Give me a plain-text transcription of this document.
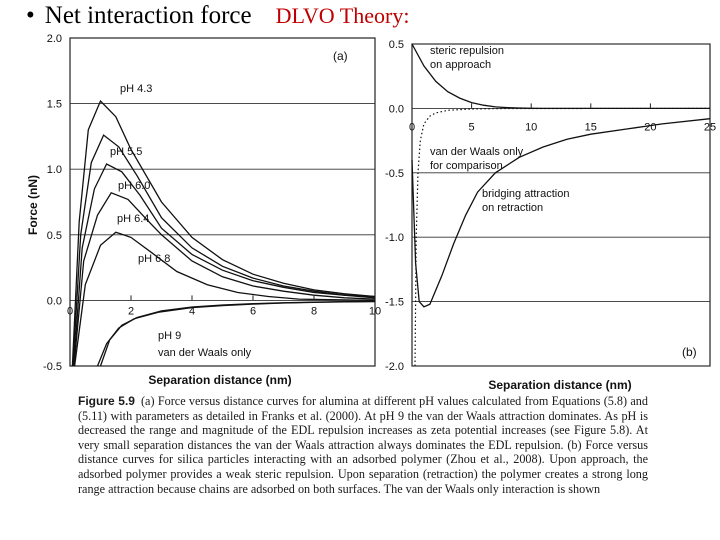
• Net interaction force DLVO Theory:
-0.5
0.0
0.5
1.0
1.5
2.0
0	2	4	6	8	10
pH 4.3
pH 5.5
pH 6.0
pH 6.4
pH 6.8
pH 9
van der Waals only
(a)
Force (nN)
Separation distance (nm)
0.5
0.0
-0.5
-1.0
-1.5
-2.0
0	5	10	15	20	25
steric repulsion
on approach
van der Waals only
for comparison
bridging attraction
on retraction
(b)
Separation distance (nm)
Figure 5.9 (a) Force versus distance curves for alumina at different pH values calculated from Equations (5.8) and (5.11) with parameters as detailed in Franks et al. (2000). At pH 9 the van der Waals attraction dominates. As pH is decreased the range and magnitude of the EDL repulsion increases as zeta potential increases (see Figure 5.8). At very small separation distances the van der Waals attraction always dominates the EDL repulsion. (b) Force versus distance curves for silica particles interacting with an adsorbed polymer (Zhou et al., 2008). Upon approach, the adsorbed polymer provides a weak steric repulsion. Upon separation (retraction) the polymer creates a strong long range attraction because chains are adsorbed on both surfaces. The van der Waals only interaction is shown
